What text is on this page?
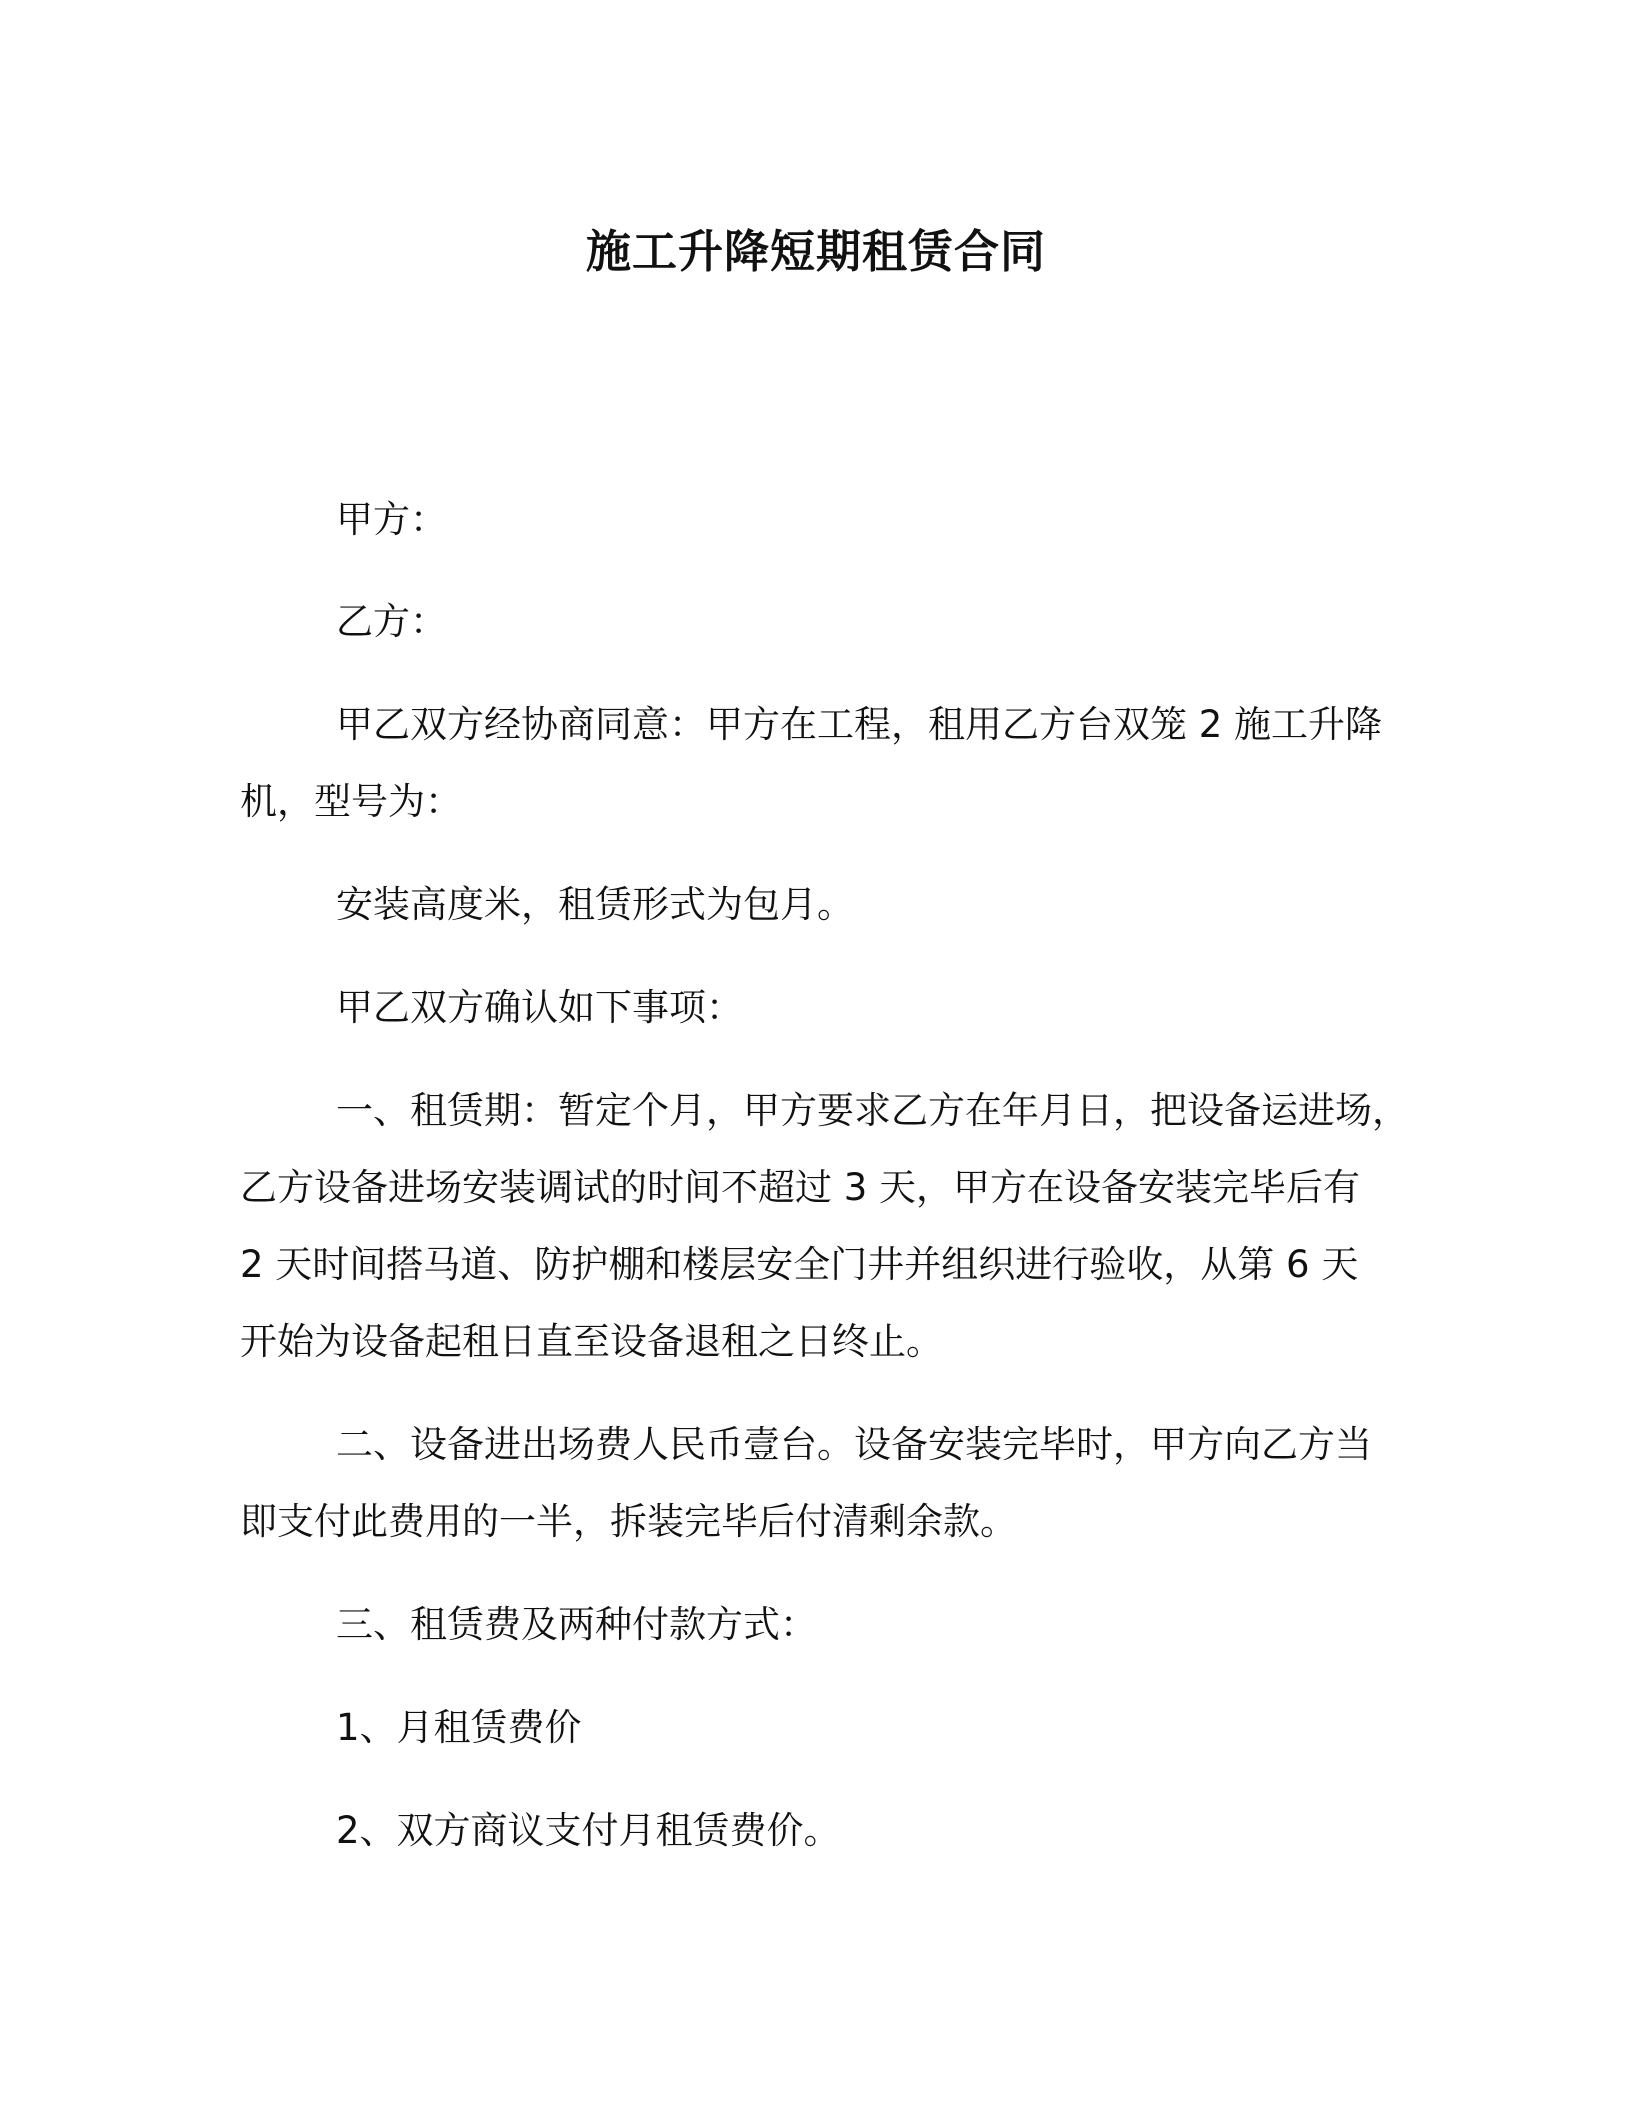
施工升降短期租赁合同
甲方：
乙方：
甲乙双方经协商同意：甲方在工程，租用乙方台双笼 2 施工升降
机，型号为：
安装高度米，租赁形式为包月。
甲乙双方确认如下事项：
一、租赁期：暂定个月，甲方要求乙方在年月日，把设备运进场，
乙方设备进场安装调试的时间不超过 3 天，甲方在设备安装完毕后有
2 天时间搭马道、防护棚和楼层安全门井并组织进行验收，从第 6 天
开始为设备起租日直至设备退租之日终止。
二、设备进出场费人民币壹台。设备安装完毕时，甲方向乙方当
即支付此费用的一半，拆装完毕后付清剩余款。
三、租赁费及两种付款方式：
1、月租赁费价
2、双方商议支付月租赁费价。
